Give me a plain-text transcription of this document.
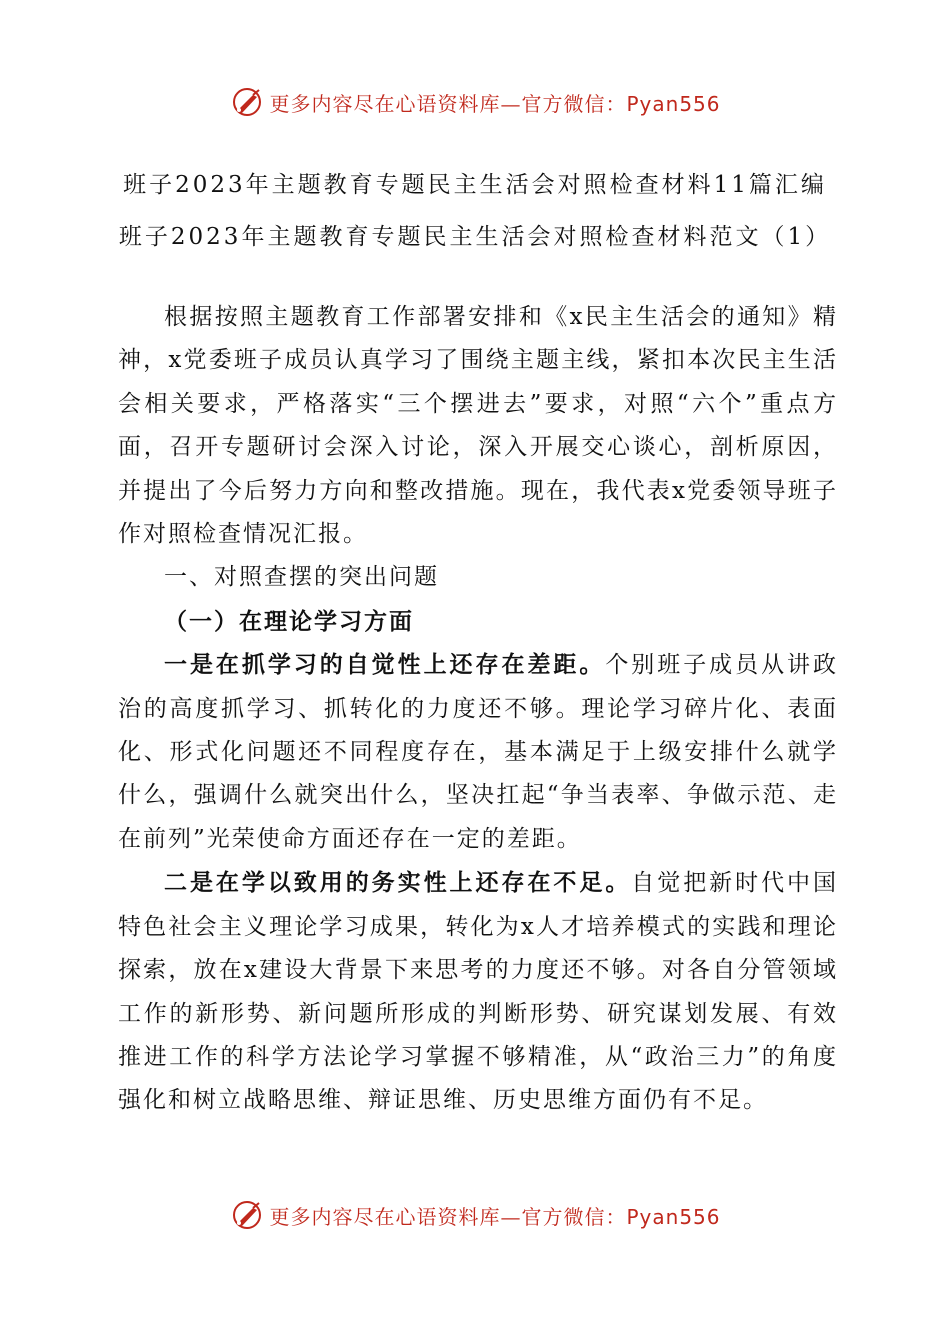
更多内容尽在心语资料库—官方微信：Pyan556
班子2023年主题教育专题民主生活会对照检查材料11篇汇编
班子2023年主题教育专题民主生活会对照检查材料范文（1）

根据按照主题教育工作部署安排和《x民主生活会的通知》精神，x党委班子成员认真学习了围绕主题主线，紧扣本次民主生活会相关要求，严格落实“三个摆进去”要求，对照“六个”重点方面，召开专题研讨会深入讨论，深入开展交心谈心，剖析原因，并提出了今后努力方向和整改措施。现在，我代表x党委领导班子作对照检查情况汇报。

一、对照查摆的突出问题

（一）在理论学习方面

一是在抓学习的自觉性上还存在差距。个别班子成员从讲政治的高度抓学习、抓转化的力度还不够。理论学习碎片化、表面化、形式化问题还不同程度存在，基本满足于上级安排什么就学什么，强调什么就突出什么，坚决扛起“争当表率、争做示范、走在前列”光荣使命方面还存在一定的差距。

二是在学以致用的务实性上还存在不足。自觉把新时代中国特色社会主义理论学习成果，转化为x人才培养模式的实践和理论探索，放在x建设大背景下来思考的力度还不够。对各自分管领域工作的新形势、新问题所形成的判断形势、研究谋划发展、有效推进工作的科学方法论学习掌握不够精准，从“政治三力”的角度强化和树立战略思维、辩证思维、历史思维方面仍有不足。

更多内容尽在心语资料库—官方微信：Pyan556
